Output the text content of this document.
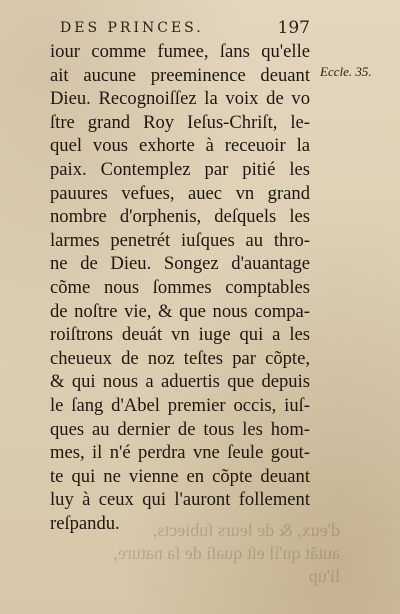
DES PRINCES.	197
Eccle. 35.
iour comme fumee, ſans qu'elle
ait aucune preeminence deuant
Dieu. Recognoiſſez la voix de vo
ſtre grand Roy Ieſus-Chriſt, le-
quel vous exhorte à receuoir la
paix. Contemplez par pitié les
pauures vefues, auec vn grand
nombre d'orphenis, deſquels les
larmes penetrét iuſques au thro-
ne de Dieu. Songez d'auantage
cõme nous ſommes comptables
de noſtre vie, & que nous compa-
roiſtrons deuát vn iuge qui a les
cheueux de noz teſtes par cõpte,
& qui nous a aduertis que depuis
le ſang d'Abel premier occis, iuſ-
ques au dernier de tous les hom-
mes, il n'é perdra vne ſeule gout-
te qui ne vienne en cõpte deuant
luy à ceux qui l'auront follement
reſpandu.	d'eux, & de leurs ſubiects,
autãt qu'il eſt quaſi de ſa nature,
li'up
